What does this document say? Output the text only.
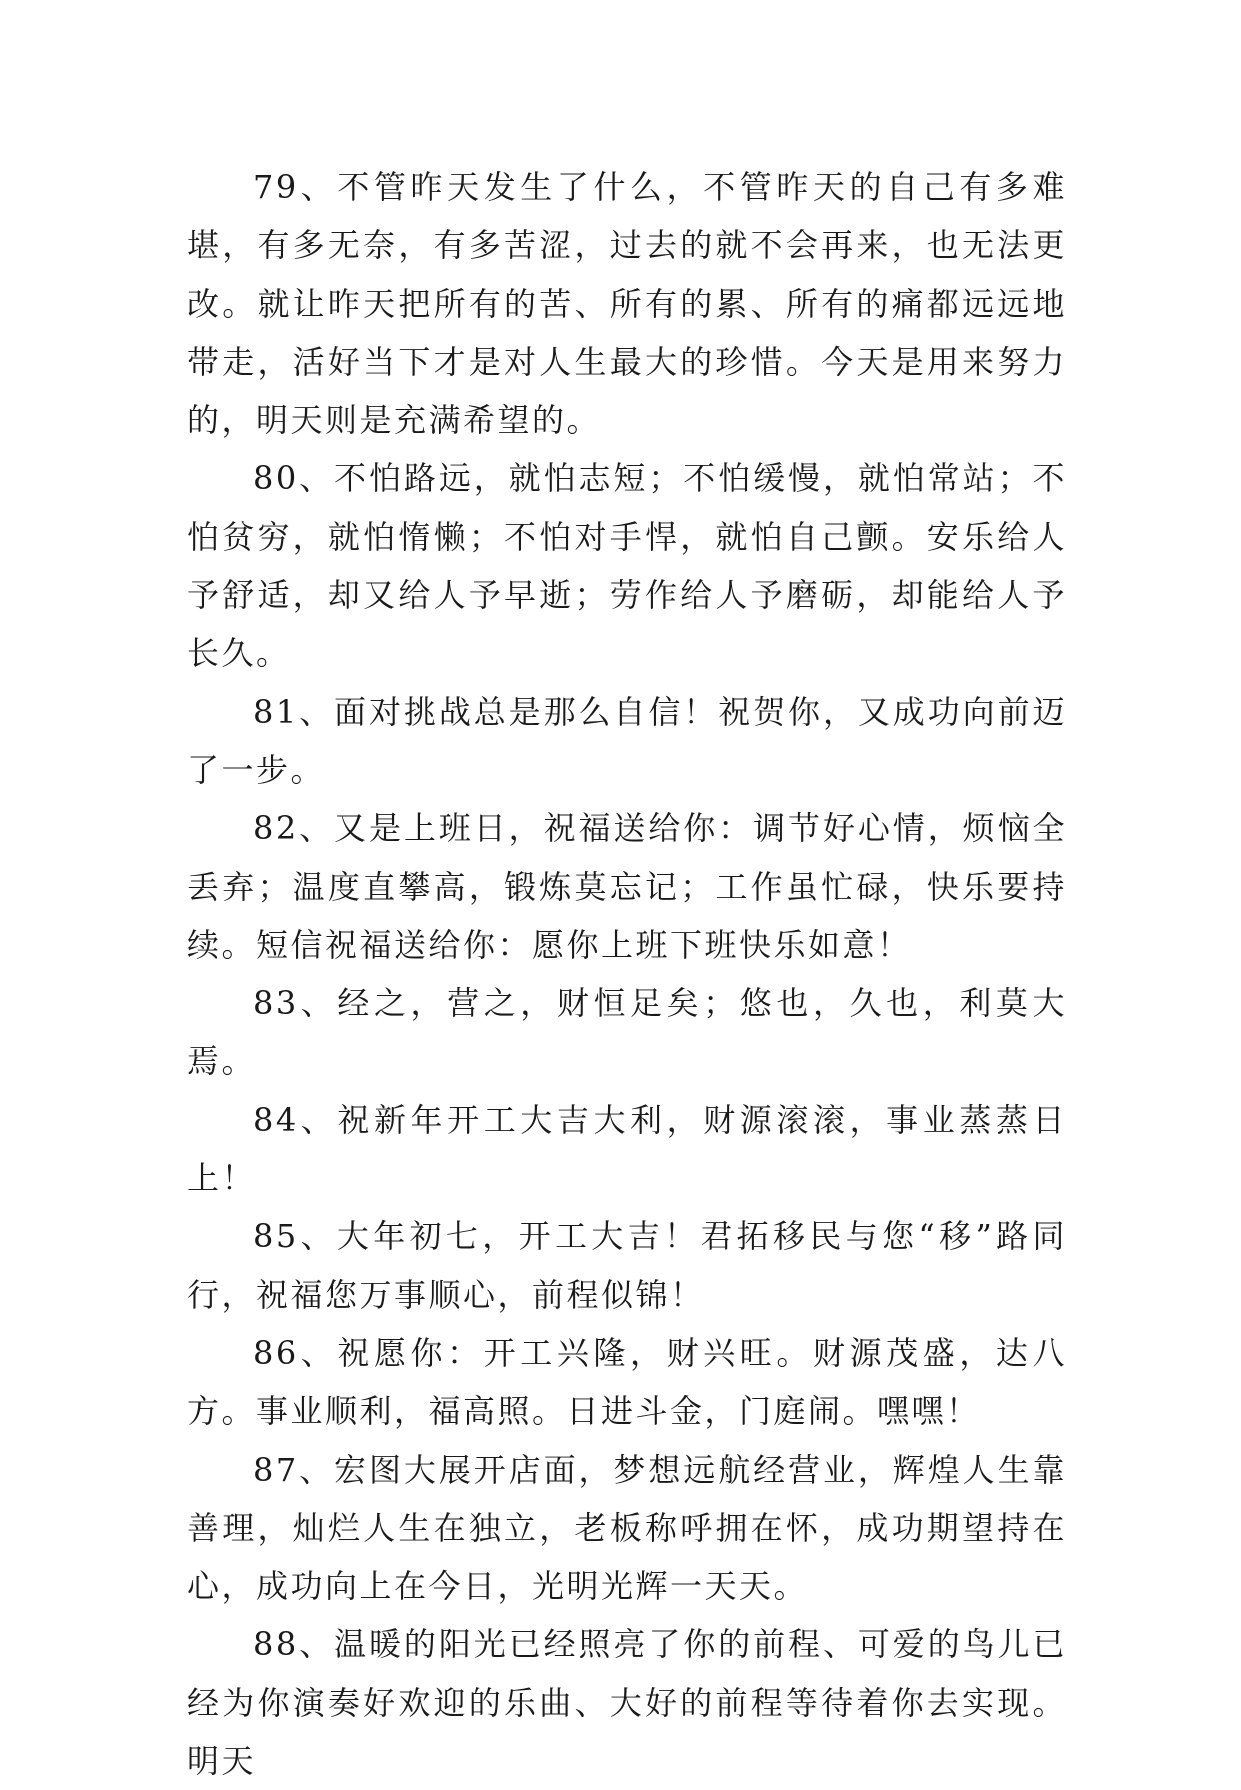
79、不管昨天发生了什么，不管昨天的自己有多难堪，有多无奈，有多苦涩，过去的就不会再来，也无法更改。就让昨天把所有的苦、所有的累、所有的痛都远远地带走，活好当下才是对人生最大的珍惜。今天是用来努力的，明天则是充满希望的。

80、不怕路远，就怕志短；不怕缓慢，就怕常站；不怕贫穷，就怕惰懒；不怕对手悍，就怕自己颤。安乐给人予舒适，却又给人予早逝；劳作给人予磨砺，却能给人予长久。

81、面对挑战总是那么自信！祝贺你，又成功向前迈了一步。

82、又是上班日，祝福送给你：调节好心情，烦恼全丢弃；温度直攀高，锻炼莫忘记；工作虽忙碌，快乐要持续。短信祝福送给你：愿你上班下班快乐如意！

83、经之，营之，财恒足矣；悠也，久也，利莫大焉。

84、祝新年开工大吉大利，财源滚滚，事业蒸蒸日上！

85、大年初七，开工大吉！君拓移民与您“移”路同行，祝福您万事顺心，前程似锦！

86、祝愿你：开工兴隆，财兴旺。财源茂盛，达八方。事业顺利，福高照。日进斗金，门庭闹。嘿嘿！

87、宏图大展开店面，梦想远航经营业，辉煌人生靠善理，灿烂人生在独立，老板称呼拥在怀，成功期望持在心，成功向上在今日，光明光辉一天天。

88、温暖的阳光已经照亮了你的前程、可爱的鸟儿已经为你演奏好欢迎的乐曲、大好的前程等待着你去实现。明天
